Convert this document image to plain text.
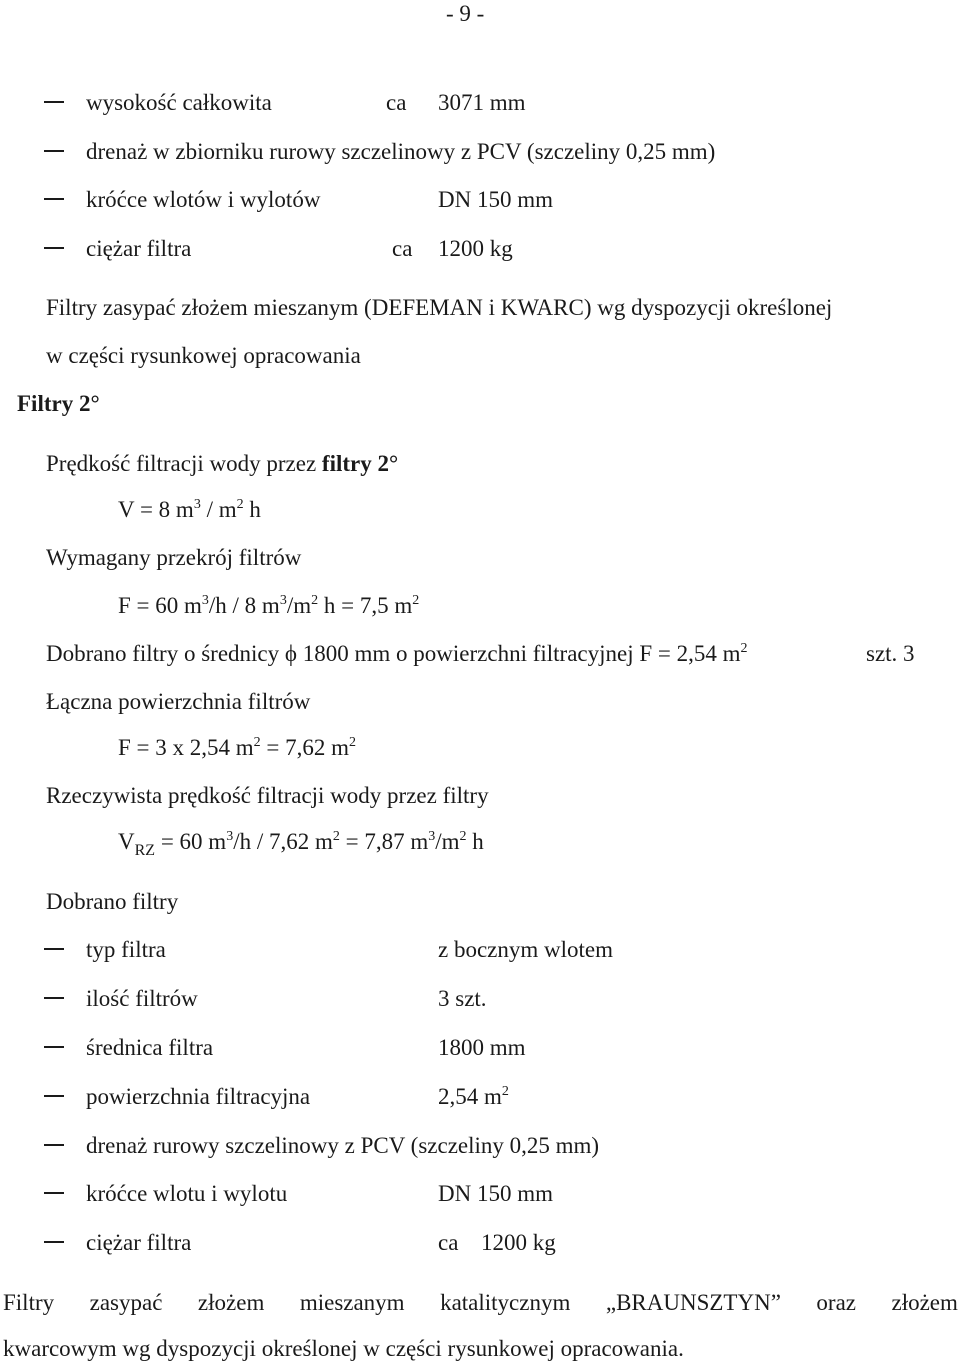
- 9 -
wysokość całkowita	ca 3071 mm
drenaż w zbiorniku rurowy szczelinowy z PCV (szczeliny 0,25 mm)
króćce wlotów i wylotów	DN 150 mm
ciężar filtra	ca 1200 kg
Filtry zasypać złożem mieszanym (DEFEMAN i KWARC) wg dyspozycji określonej
w części rysunkowej opracowania
Filtry 2°
Prędkość filtracji wody przez filtry 2°
V = 8 $m^3 / m^2$ h
Wymagany przekrój filtrów
F = 60 $m^3/h / 8$ $m^3/m^2$ h = 7,5 $m^2$
Dobrano filtry o średnicy ϕ 1800 mm o powierzchni filtracyjnej F = 2,54 $m^2$	szt. 3
Łączna powierzchnia filtrów
F = 3 x 2,54 $m^2 = 7,62$ $m^2$
Rzeczywista prędkość filtracji wody przez filtry
$V_{RZ} = 60$ $m^3/h / 7,62$ $m^2 = 7,87$ $m^3/m^2$ h
Dobrano filtry
typ filtra	z bocznym wlotem
ilość filtrów	3 szt.
średnica filtra	1800 mm
powierzchnia filtracyjna	2,54 $m^2$
drenaż rurowy szczelinowy z PCV (szczeliny 0,25 mm)
króćce wlotu i wylotu	DN 150 mm
ciężar filtra	ca 1200 kg
Filtry zasypać złożem mieszanym katalitycznym „BRAUNSZTYN” oraz złożem
kwarcowym wg dyspozycji określonej w części rysunkowej opracowania.
